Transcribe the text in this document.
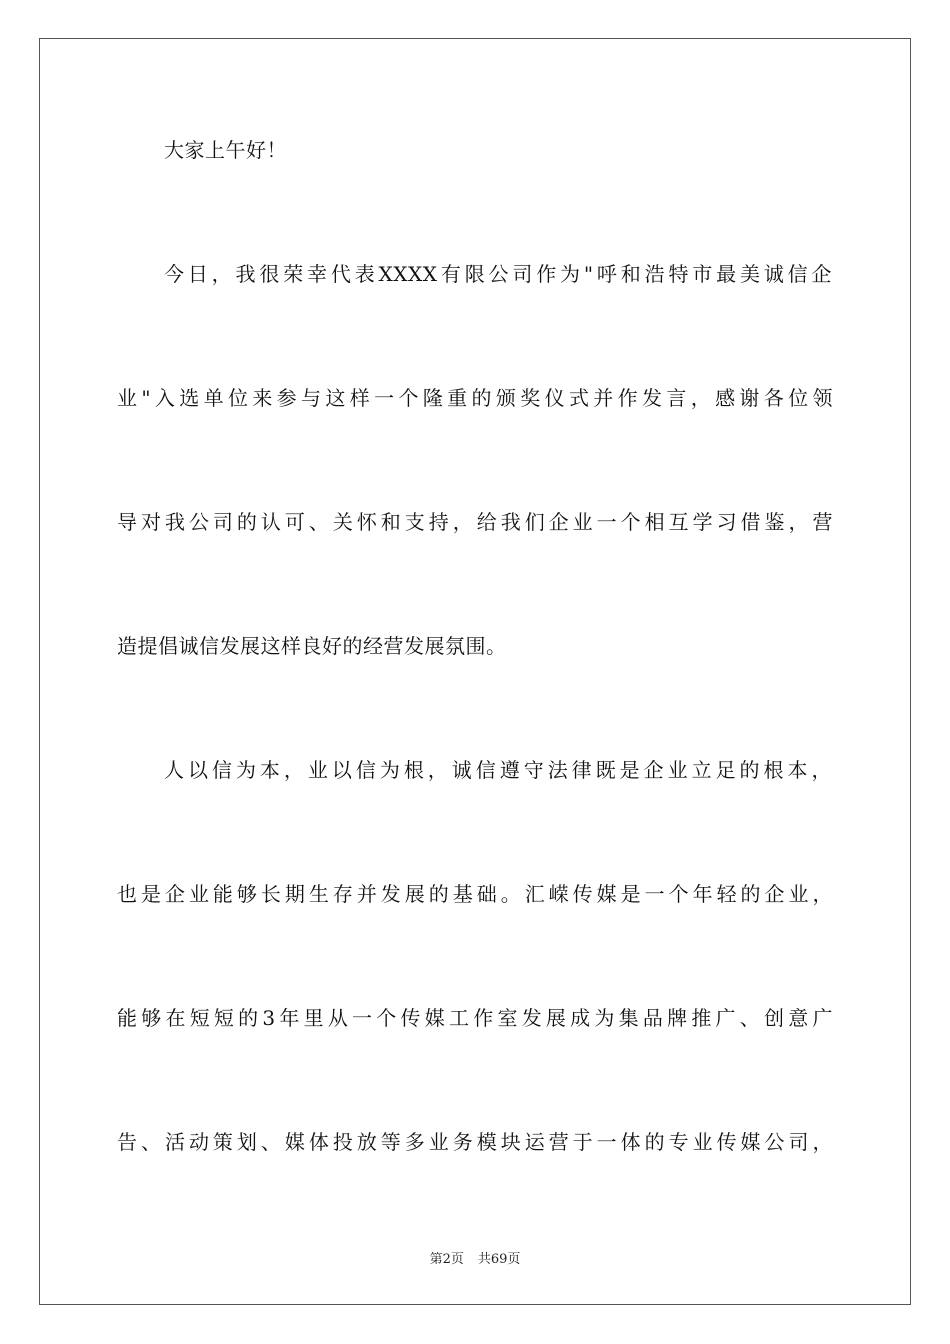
大家上午好！
今日，我很荣幸代表XXXX有限公司作为"呼和浩特市最美诚信企
业"入选单位来参与这样一个隆重的颁奖仪式并作发言，感谢各位领
导对我公司的认可、关怀和支持，给我们企业一个相互学习借鉴，营
造提倡诚信发展这样良好的经营发展氛围。
人以信为本，业以信为根，诚信遵守法律既是企业立足的根本，
也是企业能够长期生存并发展的基础。汇嵘传媒是一个年轻的企业，
能够在短短的3年里从一个传媒工作室发展成为集品牌推广、创意广
告、活动策划、媒体投放等多业务模块运营于一体的专业传媒公司，
第2页 共69页
